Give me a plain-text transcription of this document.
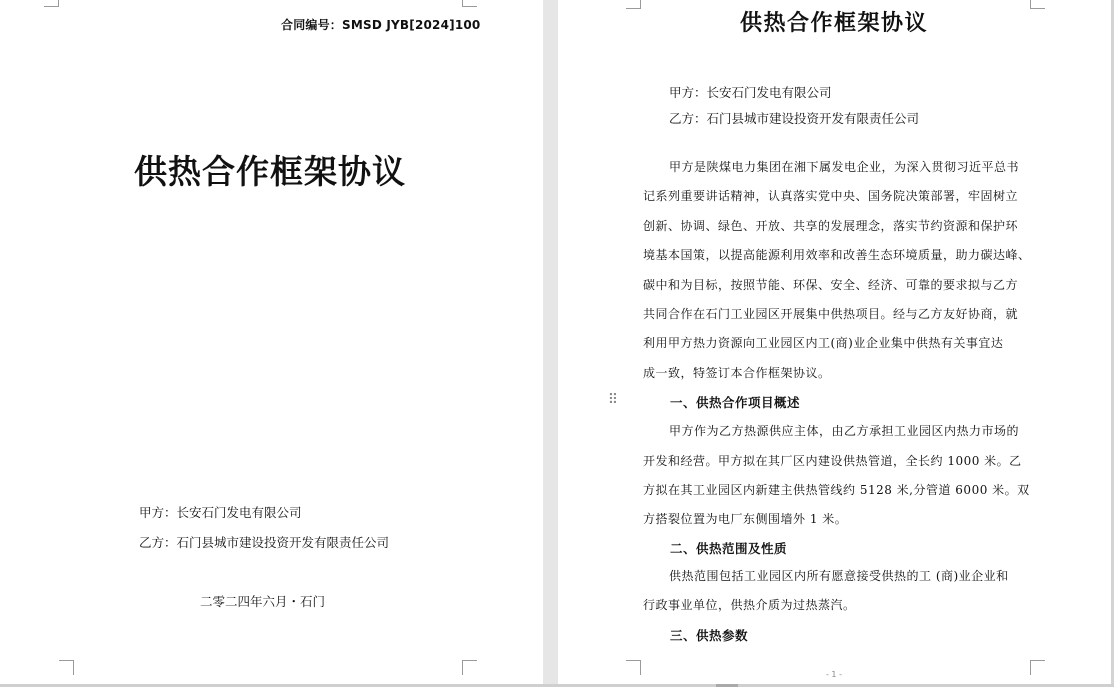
合同编号：SMSD JYB[2024]100
供热合作框架协议
甲方：长安石门发电有限公司
乙方：石门县城市建设投资开发有限责任公司
二零二四年六月・石门
供热合作框架协议
甲方：长安石门发电有限公司
乙方：石门县城市建设投资开发有限责任公司
甲方是陕煤电力集团在湘下属发电企业，为深入贯彻习近平总书
记系列重要讲话精神，认真落实党中央、国务院决策部署，牢固树立
创新、协调、绿色、开放、共享的发展理念，落实节约资源和保护环
境基本国策，以提高能源利用效率和改善生态环境质量，助力碳达峰、
碳中和为目标，按照节能、环保、安全、经济、可靠的要求拟与乙方
共同合作在石门工业园区开展集中供热项目。经与乙方友好协商，就
利用甲方热力资源向工业园区内工(商)业企业集中供热有关事宜达
成一致，特签订本合作框架协议。
一、供热合作项目概述
甲方作为乙方热源供应主体，由乙方承担工业园区内热力市场的
开发和经营。甲方拟在其厂区内建设供热管道，全长约 1000 米。乙
方拟在其工业园区内新建主供热管线约 5128 米,分管道 6000 米。双
方搭裂位置为电厂东侧围墙外 1 米。
二、供热范围及性质
供热范围包括工业园区内所有愿意接受供热的工 (商)业企业和
行政事业单位，供热介质为过热蒸汽。
三、供热参数
- 1 -
⠿
